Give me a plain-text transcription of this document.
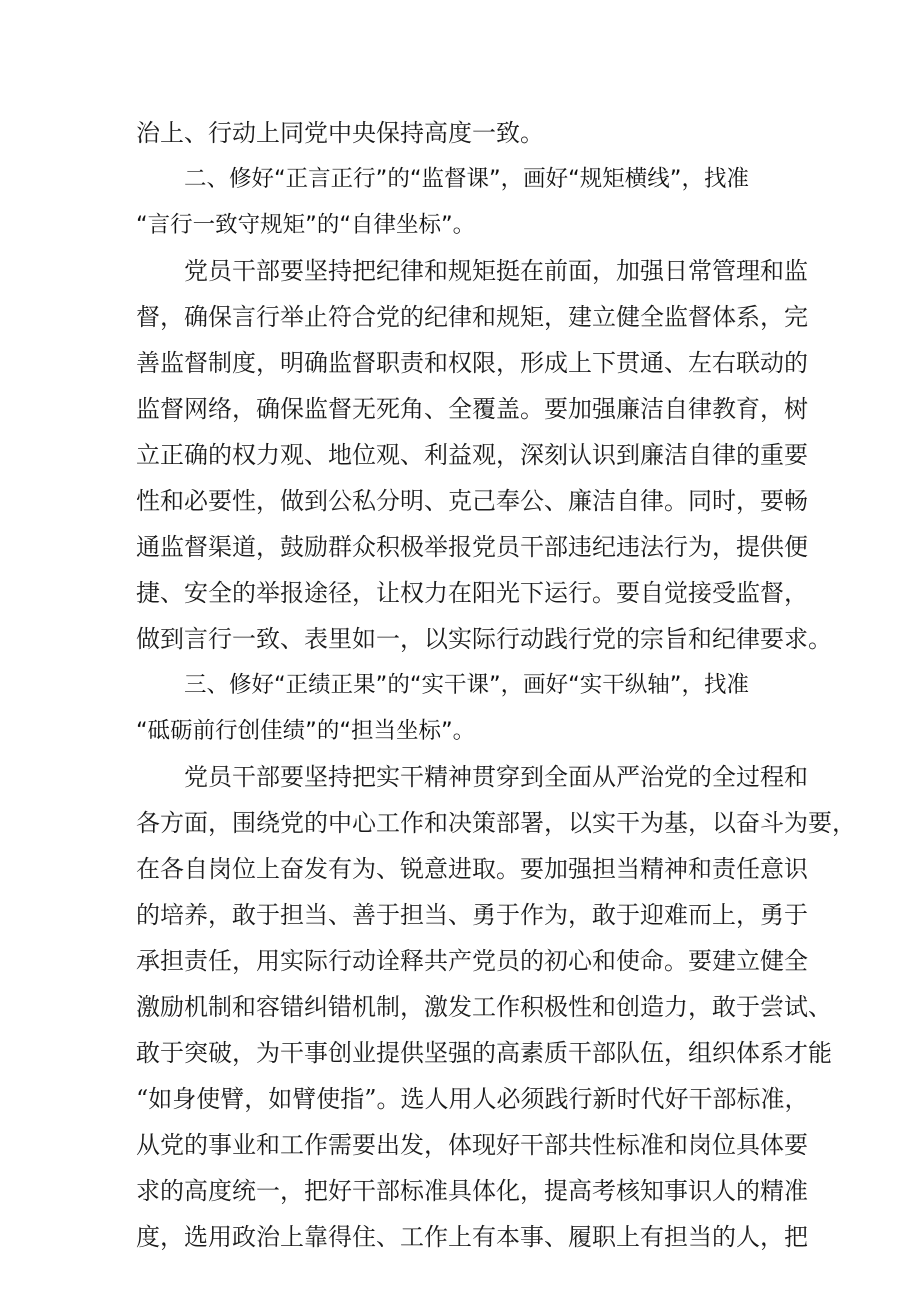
治上、行动上同党中央保持高度一致。
二、修好“正言正行”的“监督课”，画好“规矩横线”，找准
“言行一致守规矩”的“自律坐标”。
党员干部要坚持把纪律和规矩挺在前面，加强日常管理和监
督，确保言行举止符合党的纪律和规矩，建立健全监督体系，完
善监督制度，明确监督职责和权限，形成上下贯通、左右联动的
监督网络，确保监督无死角、全覆盖。要加强廉洁自律教育，树
立正确的权力观、地位观、利益观，深刻认识到廉洁自律的重要
性和必要性，做到公私分明、克己奉公、廉洁自律。同时，要畅
通监督渠道，鼓励群众积极举报党员干部违纪违法行为，提供便
捷、安全的举报途径，让权力在阳光下运行。要自觉接受监督，
做到言行一致、表里如一，以实际行动践行党的宗旨和纪律要求。
三、修好“正绩正果”的“实干课”，画好“实干纵轴”，找准
“砥砺前行创佳绩”的“担当坐标”。
党员干部要坚持把实干精神贯穿到全面从严治党的全过程和
各方面，围绕党的中心工作和决策部署，以实干为基，以奋斗为要，
在各自岗位上奋发有为、锐意进取。要加强担当精神和责任意识
的培养，敢于担当、善于担当、勇于作为，敢于迎难而上，勇于
承担责任，用实际行动诠释共产党员的初心和使命。要建立健全
激励机制和容错纠错机制，激发工作积极性和创造力，敢于尝试、
敢于突破，为干事创业提供坚强的高素质干部队伍，组织体系才能
“如身使臂，如臂使指”。选人用人必须践行新时代好干部标准，
从党的事业和工作需要出发，体现好干部共性标准和岗位具体要
求的高度统一，把好干部标准具体化，提高考核知事识人的精准
度，选用政治上靠得住、工作上有本事、履职上有担当的人，把
